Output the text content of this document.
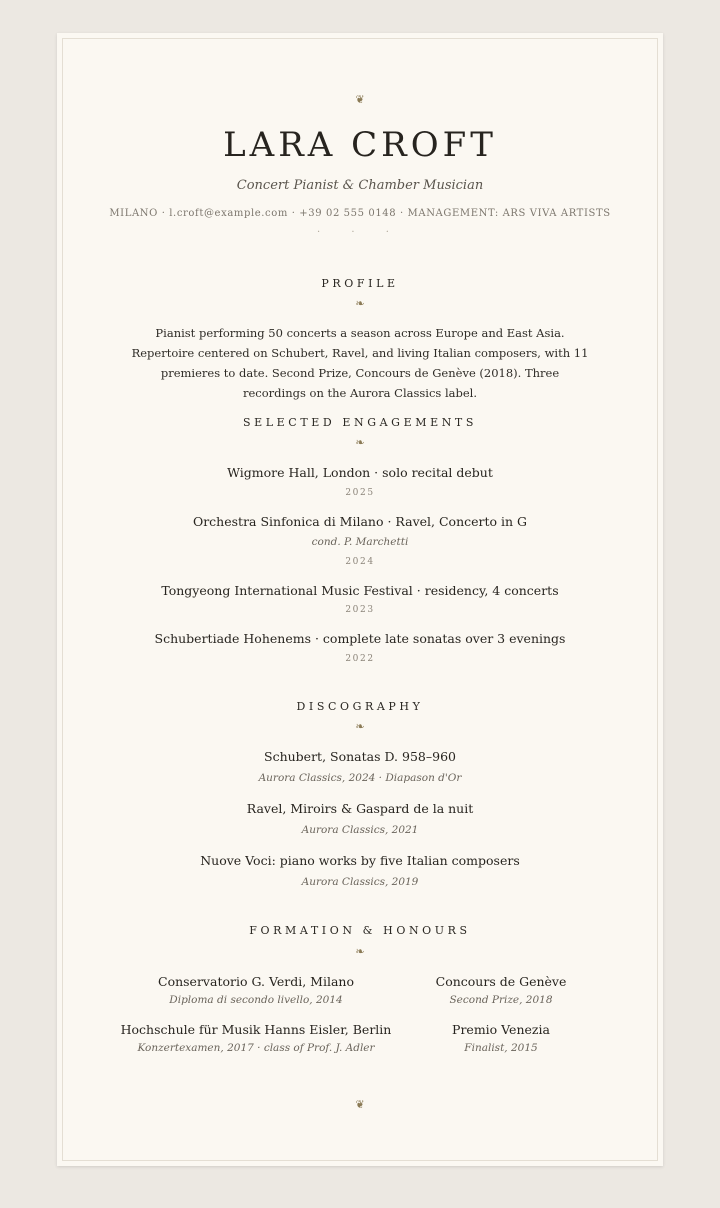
❦
LARA CROFT
Concert Pianist & Chamber Musician
MILANO · l.croft@example.com · +39 02 555 0148 · MANAGEMENT: ARS VIVA ARTISTS
· · ·
PROFILE
❧
Pianist performing 50 concerts a season across Europe and East Asia. Repertoire centered on Schubert, Ravel, and living Italian composers, with 11 premieres to date. Second Prize, Concours de Genève (2018). Three recordings on the Aurora Classics label.
SELECTED ENGAGEMENTS
❧
Wigmore Hall, London · solo recital debut
2025
Orchestra Sinfonica di Milano · Ravel, Concerto in G
cond. P. Marchetti
2024
Tongyeong International Music Festival · residency, 4 concerts
2023
Schubertiade Hohenems · complete late sonatas over 3 evenings
2022
DISCOGRAPHY
❧
Schubert, Sonatas D. 958–960
Aurora Classics, 2024 · Diapason d'Or
Ravel, Miroirs & Gaspard de la nuit
Aurora Classics, 2021
Nuove Voci: piano works by five Italian composers
Aurora Classics, 2019
FORMATION & HONOURS
❧
Conservatorio G. Verdi, Milano
Diploma di secondo livello, 2014
Hochschule für Musik Hanns Eisler, Berlin
Konzertexamen, 2017 · class of Prof. J. Adler
Concours de Genève
Second Prize, 2018
Premio Venezia
Finalist, 2015
❦
